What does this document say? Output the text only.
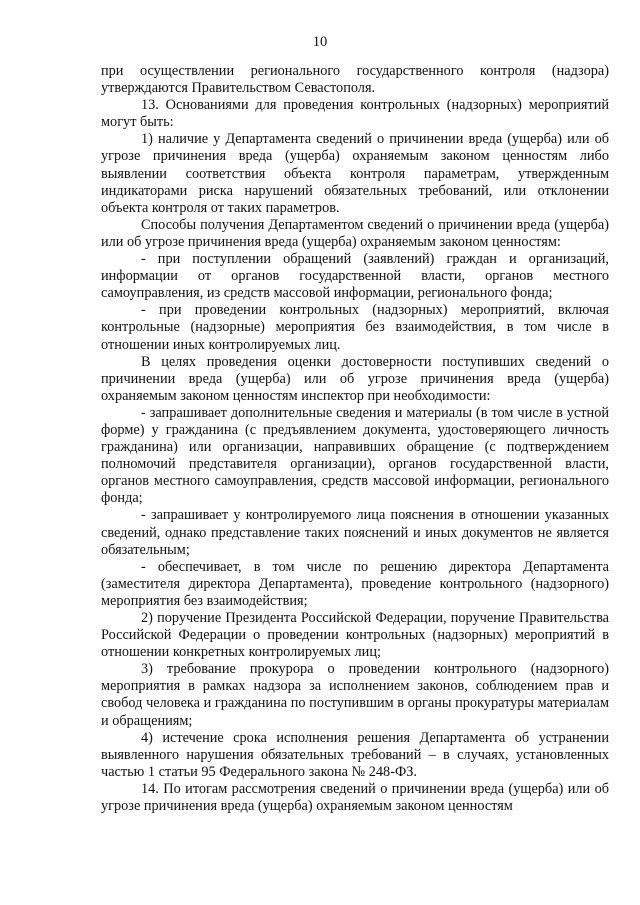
10

при осуществлении регионального государственного контроля (надзора) утверждаются Правительством Севастополя.

13. Основаниями для проведения контрольных (надзорных) мероприятий могут быть:

1) наличие у Департамента сведений о причинении вреда (ущерба) или об угрозе причинения вреда (ущерба) охраняемым законом ценностям либо выявлении соответствия объекта контроля параметрам, утвержденным индикаторами риска нарушений обязательных требований, или отклонении объекта контроля от таких параметров.

Способы получения Департаментом сведений о причинении вреда (ущерба) или об угрозе причинения вреда (ущерба) охраняемым законом ценностям:

- при поступлении обращений (заявлений) граждан и организаций, информации от органов государственной власти, органов местного самоуправления, из средств массовой информации, регионального фонда;

- при проведении контрольных (надзорных) мероприятий, включая контрольные (надзорные) мероприятия без взаимодействия, в том числе в отношении иных контролируемых лиц.

В целях проведения оценки достоверности поступивших сведений о причинении вреда (ущерба) или об угрозе причинения вреда (ущерба) охраняемым законом ценностям инспектор при необходимости:

- запрашивает дополнительные сведения и материалы (в том числе в устной форме) у гражданина (с предъявлением документа, удостоверяющего личность гражданина) или организации, направивших обращение (с подтверждением полномочий представителя организации), органов государственной власти, органов местного самоуправления, средств массовой информации, регионального фонда;

- запрашивает у контролируемого лица пояснения в отношении указанных сведений, однако представление таких пояснений и иных документов не является обязательным;

- обеспечивает, в том числе по решению директора Департамента (заместителя директора Департамента), проведение контрольного (надзорного) мероприятия без взаимодействия;

2) поручение Президента Российской Федерации, поручение Правительства Российской Федерации о проведении контрольных (надзорных) мероприятий в отношении конкретных контролируемых лиц;

3) требование прокурора о проведении контрольного (надзорного) мероприятия в рамках надзора за исполнением законов, соблюдением прав и свобод человека и гражданина по поступившим в органы прокуратуры материалам и обращениям;

4) истечение срока исполнения решения Департамента об устранении выявленного нарушения обязательных требований – в случаях, установленных частью 1 статьи 95 Федерального закона № 248-ФЗ.

14. По итогам рассмотрения сведений о причинении вреда (ущерба) или об угрозе причинения вреда (ущерба) охраняемым законом ценностям
